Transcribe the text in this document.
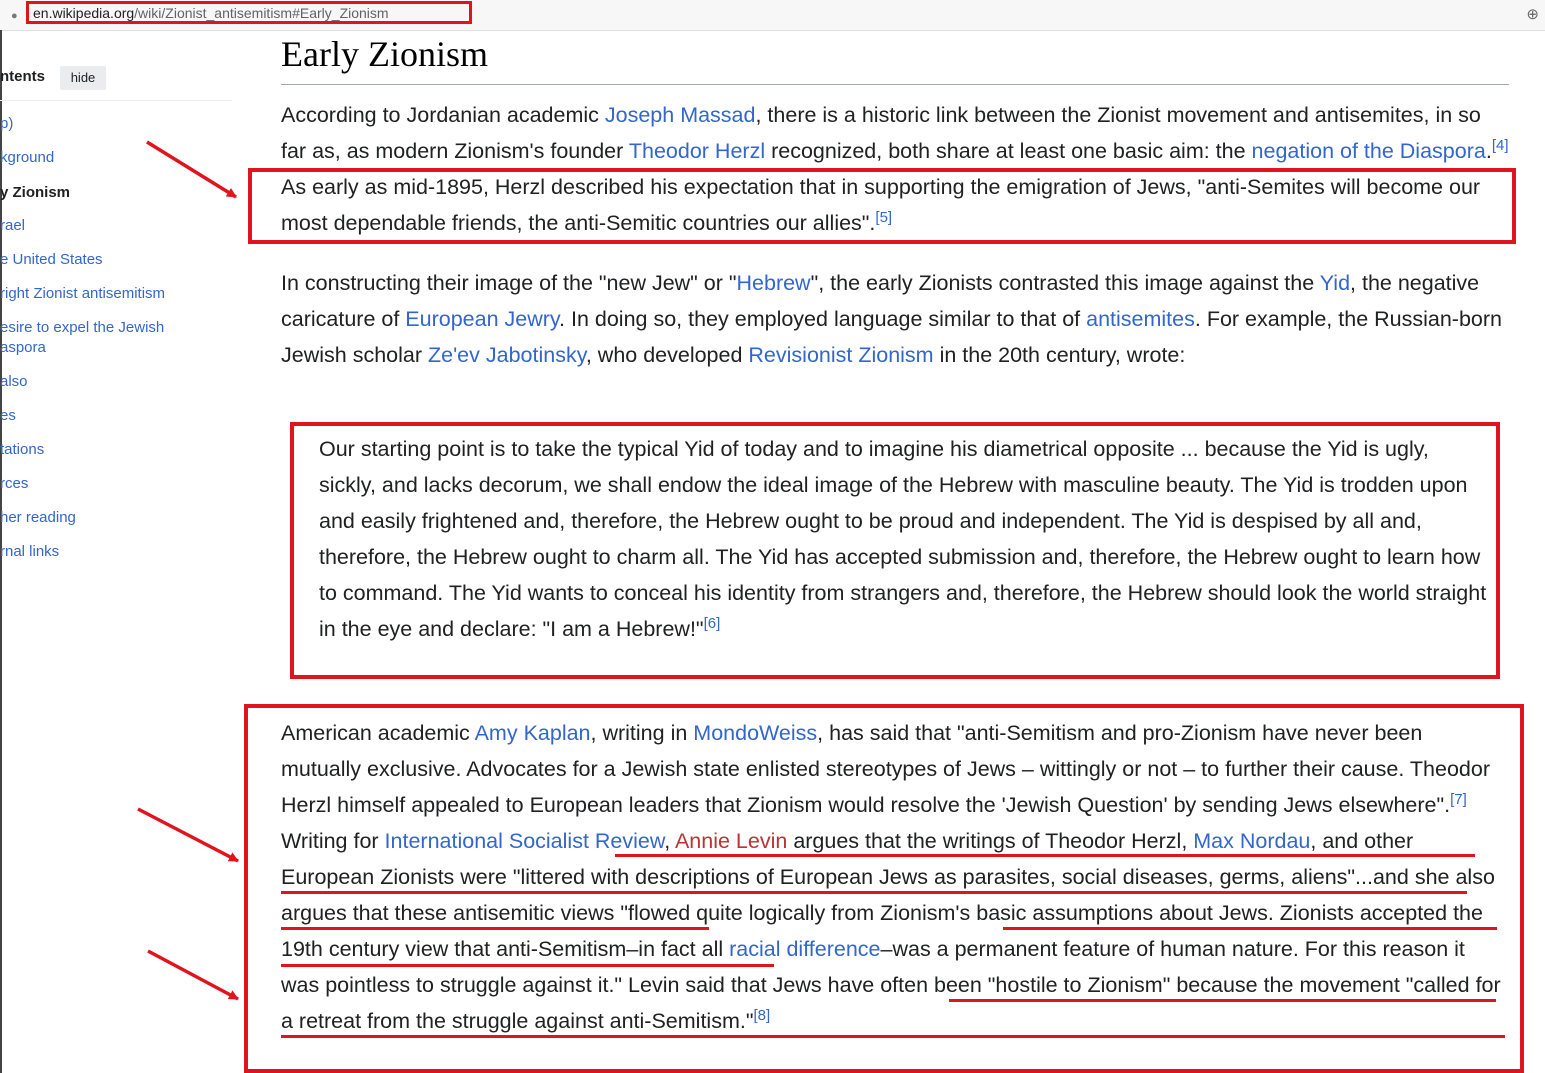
● en.wikipedia.org/wiki/Zionist_antisemitism#Early_Zionism	⊕
ntents	hide
p)
kground
y Zionism
rael
e United States
right Zionist antisemitism
esire to expel the Jewish
aspora
also
es
tations
rces
her reading
rnal links
Early Zionism
According to Jordanian academic Joseph Massad, there is a historic link between the Zionist movement and antisemites, in so far as, as modern Zionism's founder Theodor Herzl recognized, both share at least one basic aim: the negation of the Diaspora.[4] As early as mid-1895, Herzl described his expectation that in supporting the emigration of Jews, "anti-Semites will become our most dependable friends, the anti-Semitic countries our allies".[5]
In constructing their image of the "new Jew" or "Hebrew", the early Zionists contrasted this image against the Yid, the negative caricature of European Jewry. In doing so, they employed language similar to that of antisemites. For example, the Russian-born Jewish scholar Ze'ev Jabotinsky, who developed Revisionist Zionism in the 20th century, wrote:
Our starting point is to take the typical Yid of today and to imagine his diametrical opposite ... because the Yid is ugly, sickly, and lacks decorum, we shall endow the ideal image of the Hebrew with masculine beauty. The Yid is trodden upon and easily frightened and, therefore, the Hebrew ought to be proud and independent. The Yid is despised by all and, therefore, the Hebrew ought to charm all. The Yid has accepted submission and, therefore, the Hebrew ought to learn how to command. The Yid wants to conceal his identity from strangers and, therefore, the Hebrew should look the world straight in the eye and declare: "I am a Hebrew!"[6]
American academic Amy Kaplan, writing in MondoWeiss, has said that "anti-Semitism and pro-Zionism have never been mutually exclusive. Advocates for a Jewish state enlisted stereotypes of Jews – wittingly or not – to further their cause. Theodor Herzl himself appealed to European leaders that Zionism would resolve the 'Jewish Question' by sending Jews elsewhere".[7] Writing for International Socialist Review, Annie Levin argues that the writings of Theodor Herzl, Max Nordau, and other European Zionists were "littered with descriptions of European Jews as parasites, social diseases, germs, aliens"...and she also argues that these antisemitic views "flowed quite logically from Zionism's basic assumptions about Jews. Zionists accepted the 19th century view that anti-Semitism–in fact all racial difference–was a permanent feature of human nature. For this reason it was pointless to struggle against it." Levin said that Jews have often been "hostile to Zionism" because the movement "called for a retreat from the struggle against anti-Semitism."[8]
